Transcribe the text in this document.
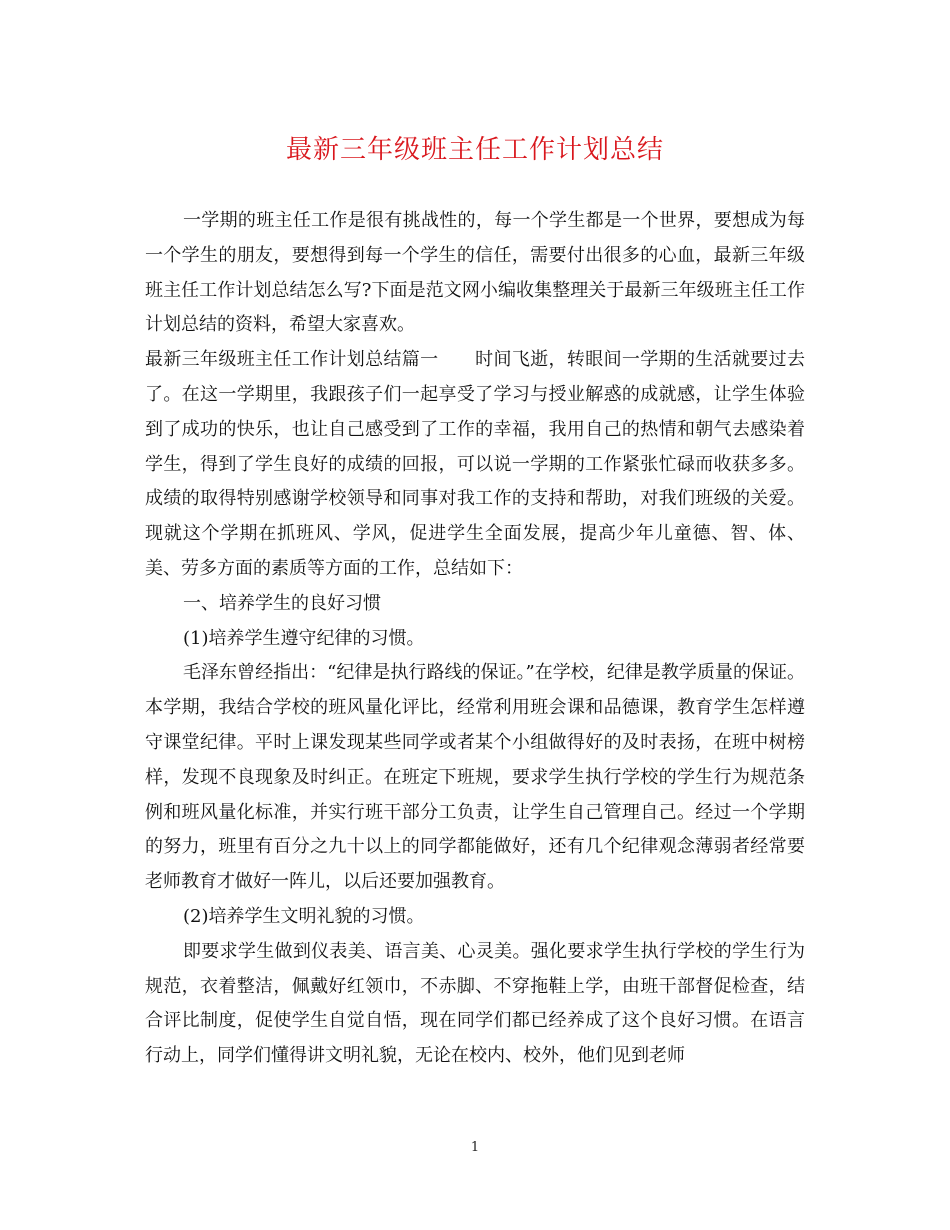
最新三年级班主任工作计划总结

一学期的班主任工作是很有挑战性的，每一个学生都是一个世界，要想成为每一个学生的朋友，要想得到每一个学生的信任，需要付出很多的心血，最新三年级班主任工作计划总结怎么写?下面是范文网小编收集整理关于最新三年级班主任工作计划总结的资料，希望大家喜欢。

最新三年级班主任工作计划总结篇一　　时间飞逝，转眼间一学期的生活就要过去了。在这一学期里，我跟孩子们一起享受了学习与授业解惑的成就感，让学生体验到了成功的快乐，也让自己感受到了工作的幸福，我用自己的热情和朝气去感染着学生，得到了学生良好的成绩的回报，可以说一学期的工作紧张忙碌而收获多多。成绩的取得特别感谢学校领导和同事对我工作的支持和帮助，对我们班级的关爱。现就这个学期在抓班风、学风，促进学生全面发展，提高少年儿童德、智、体、美、劳多方面的素质等方面的工作，总结如下：

一、培养学生的良好习惯

(1)培养学生遵守纪律的习惯。

毛泽东曾经指出：“纪律是执行路线的保证。”在学校，纪律是教学质量的保证。本学期，我结合学校的班风量化评比，经常利用班会课和品德课，教育学生怎样遵守课堂纪律。平时上课发现某些同学或者某个小组做得好的及时表扬，在班中树榜样，发现不良现象及时纠正。在班定下班规，要求学生执行学校的学生行为规范条例和班风量化标准，并实行班干部分工负责，让学生自己管理自己。经过一个学期的努力，班里有百分之九十以上的同学都能做好，还有几个纪律观念薄弱者经常要老师教育才做好一阵儿，以后还要加强教育。

(2)培养学生文明礼貌的习惯。

即要求学生做到仪表美、语言美、心灵美。强化要求学生执行学校的学生行为规范，衣着整洁，佩戴好红领巾，不赤脚、不穿拖鞋上学，由班干部督促检查，结合评比制度，促使学生自觉自悟，现在同学们都已经养成了这个良好习惯。在语言行动上，同学们懂得讲文明礼貌，无论在校内、校外，他们见到老师

1
